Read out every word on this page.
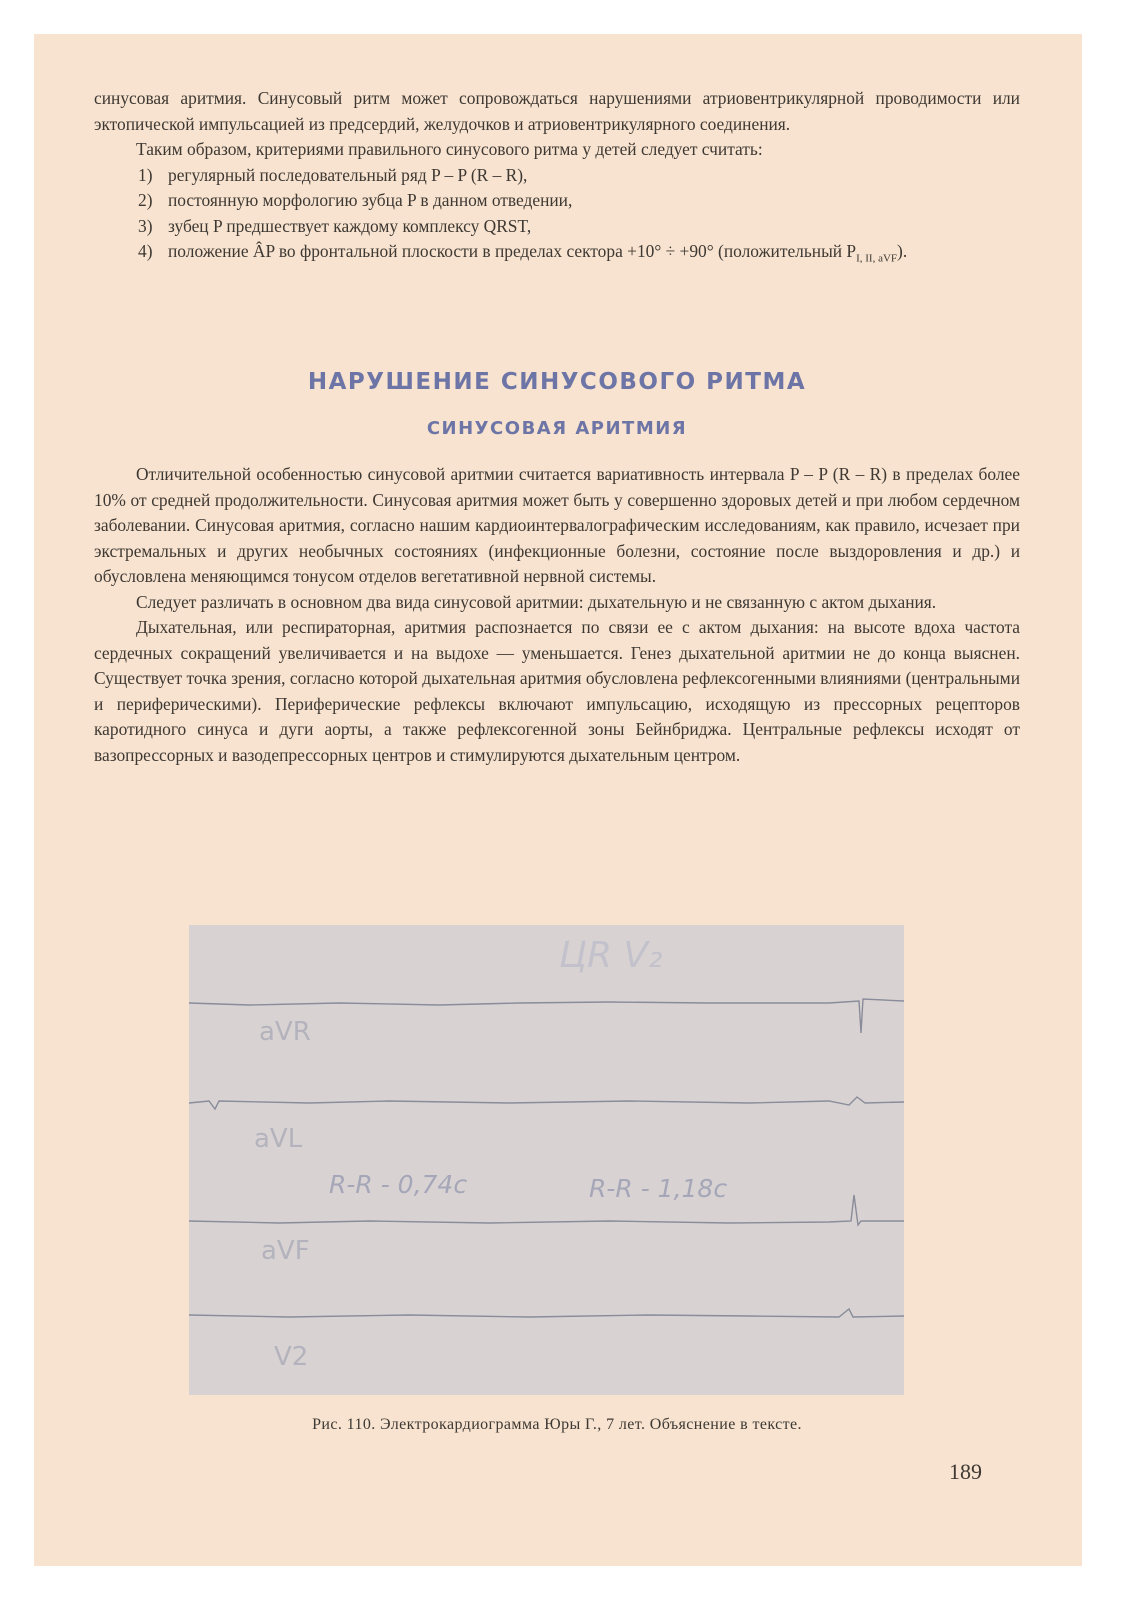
синусовая аритмия. Синусовый ритм может сопровождаться нарушениями атриовентрикулярной проводимости или эктопической импульсацией из предсердий, желудочков и атриовентрикулярного соединения.

Таким образом, критериями правильного синусового ритма у детей следует считать:

1) регулярный последовательный ряд P – P (R – R),
2) постоянную морфологию зубца P в данном отведении,
3) зубец P предшествует каждому комплексу QRST,
4) положение ÂP во фронтальной плоскости в пределах сектора +10° ÷ +90° (положительный $P_{I, II, aVF}$).
НАРУШЕНИЕ СИНУСОВОГО РИТМА
СИНУСОВАЯ АРИТМИЯ

Отличительной особенностью синусовой аритмии считается вариативность интервала P – P (R – R) в пределах более 10% от средней продолжительности. Синусовая аритмия может быть у совершенно здоровых детей и при любом сердечном заболевании. Синусовая аритмия, согласно нашим кардиоинтервалографическим исследованиям, как правило, исчезает при экстремальных и других необычных состояниях (инфекционные болезни, состояние после выздоровления и др.) и обусловлена меняющимся тонусом отделов вегетативной нервной системы.

Следует различать в основном два вида синусовой аритмии: дыхательную и не связанную с актом дыхания.

Дыхательная, или респираторная, аритмия распознается по связи ее с актом дыхания: на высоте вдоха частота сердечных сокращений увеличивается и на выдохе — уменьшается. Генез дыхательной аритмии не до конца выяснен. Существует точка зрения, согласно которой дыхательная аритмия обусловлена рефлексогенными влияниями (центральными и периферическими). Периферические рефлексы включают импульсацию, исходящую из прессорных рецепторов каротидного синуса и дуги аорты, а также рефлексогенной зоны Бейнбриджа. Центральные рефлексы исходят от вазопрессорных и вазодепрессорных центров и стимулируются дыхательным центром.

ЦR V₂
aVR
aVL
aVF
V2
R-R - 0,74с	R-R - 1,18с
Рис. 110. Электрокардиограмма Юры Г., 7 лет. Объяснение в тексте.
189
